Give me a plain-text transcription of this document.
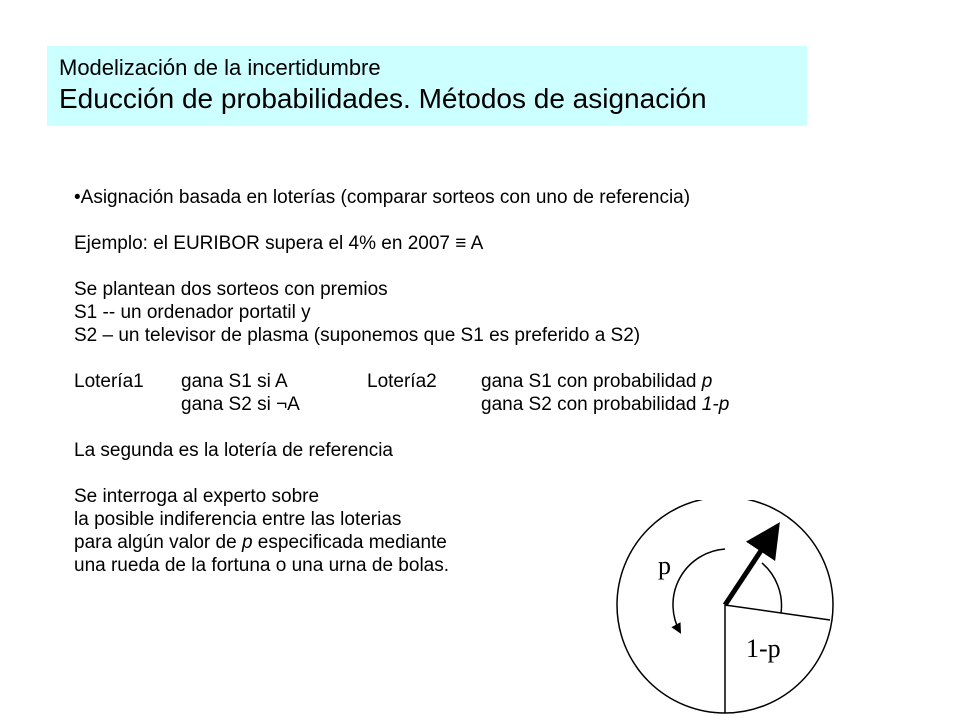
Modelización de la incertidumbre
Educción de probabilidades. Métodos de asignación
•Asignación basada en loterías (comparar sorteos con uno de referencia)
Ejemplo: el EURIBOR supera el 4% en 2007 ≡ A
Se plantean dos sorteos con premios
S1 -- un ordenador portatil y
S2 – un televisor de plasma (suponemos que S1 es preferido a S2)
Lotería1 gana S1 si A	Lotería2 gana S1 con probabilidad p
gana S2 si ¬A	gana S2 con probabilidad 1-p
La segunda es la lotería de referencia
Se interroga al experto sobre
la posible indiferencia entre las loterias
para algún valor de p especificada mediante
una rueda de la fortuna o una urna de bolas.	p
1-p
